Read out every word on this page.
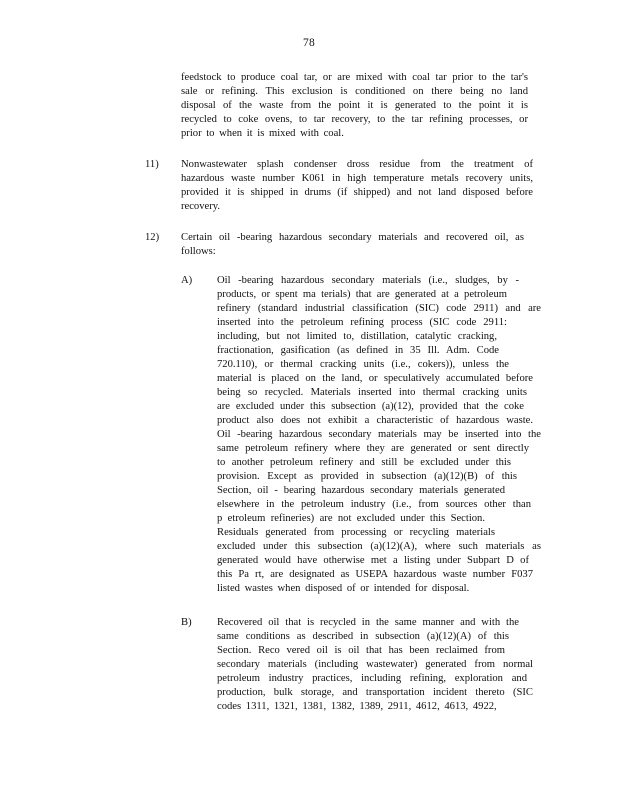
78
feedstock to produce coal tar, or are mixed with coal tar prior to the tar's
sale or refining. This exclusion is conditioned on there being no land
disposal of the waste from the point it is generated to the point it is
recycled to coke ovens, to tar recovery, to the tar refining processes, or
prior to when it is mixed with coal.
11) Nonwastewater splash condenser dross residue from the treatment of
hazardous waste number K061 in high temperature metals recovery units,
provided it is shipped in drums (if shipped) and not land disposed before
recovery.
12) Certain oil -bearing hazardous secondary materials and recovered oil, as
follows:
A) Oil -bearing hazardous secondary materials (i.e., sludges, by -
products, or spent ma terials) that are generated at a petroleum
refinery (standard industrial classification (SIC) code 2911) and are
inserted into the petroleum refining process (SIC code 2911:
including, but not limited to, distillation, catalytic cracking,
fractionation, gasification (as defined in 35 Ill. Adm. Code
720.110), or thermal cracking units (i.e., cokers)), unless the
material is placed on the land, or speculatively accumulated before
being so recycled. Materials inserted into thermal cracking units
are excluded under this subsection (a)(12), provided that the coke
product also does not exhibit a characteristic of hazardous waste.
Oil -bearing hazardous secondary materials may be inserted into the
same petroleum refinery where they are generated or sent directly
to another petroleum refinery and still be excluded under this
provision. Except as provided in subsection (a)(12)(B) of this
Section, oil - bearing hazardous secondary materials generated
elsewhere in the petroleum industry (i.e., from sources other than
p etroleum refineries) are not excluded under this Section.
Residuals generated from processing or recycling materials
excluded under this subsection (a)(12)(A), where such materials as
generated would have otherwise met a listing under Subpart D of
this Pa rt, are designated as USEPA hazardous waste number F037
listed wastes when disposed of or intended for disposal.
B) Recovered oil that is recycled in the same manner and with the
same conditions as described in subsection (a)(12)(A) of this
Section. Reco vered oil is oil that has been reclaimed from
secondary materials (including wastewater) generated from normal
petroleum industry practices, including refining, exploration and
production, bulk storage, and transportation incident thereto (SIC
codes 1311, 1321, 1381, 1382, 1389, 2911, 4612, 4613, 4922,
